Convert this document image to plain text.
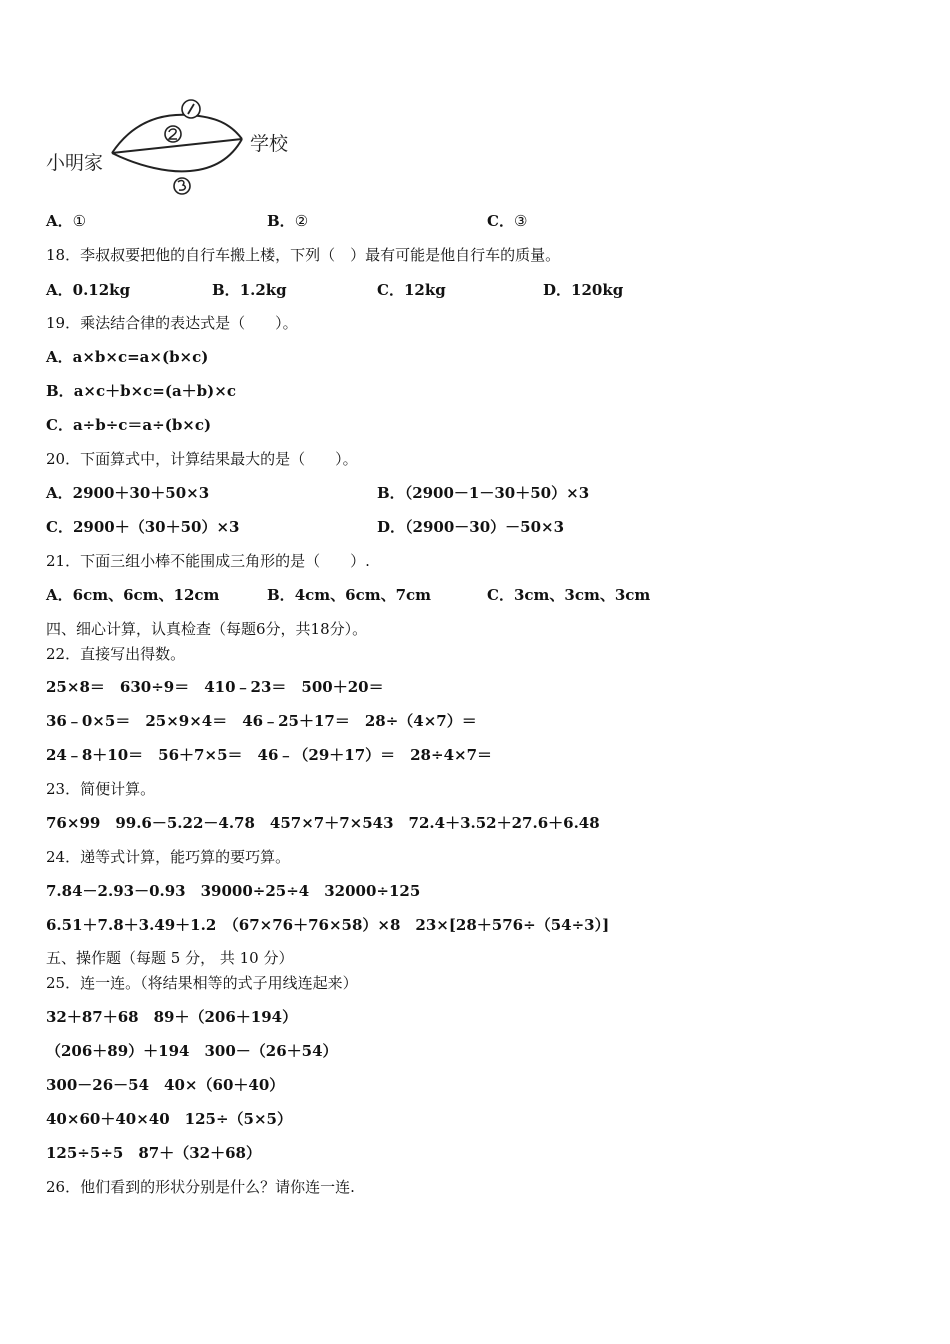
小明家
学校
A．①	B．②	C．③
18．李叔叔要把他的自行车搬上楼，下列（　）最有可能是他自行车的质量。
A．0.12kg	B．1.2kg	C．12kg	D．120kg
19．乘法结合律的表达式是（　　）。
A．a×b×c=a×(b×c)
B．a×c＋b×c=(a＋b)×c
C．a÷b÷c＝a÷(b×c)
20．下面算式中，计算结果最大的是（　　）。
A．2900＋30＋50×3	B．（2900－1－30＋50）×3
C．2900＋（30＋50）×3	D．（2900－30）－50×3
21．下面三组小棒不能围成三角形的是（　　）.
A．6cm、6cm、12cm	B．4cm、6cm、7cm	C．3cm、3cm、3cm
四、细心计算，认真检查（每题6分，共18分）。
22．直接写出得数。
25×8＝　630÷9＝　410﹣23＝　500＋20＝
36﹣0×5＝　25×9×4＝　46﹣25＋17＝　28÷（4×7）＝
24﹣8＋10＝　56＋7×5＝　46﹣（29＋17）＝　28÷4×7＝
23．简便计算。
76×99　99.6－5.22－4.78　457×7＋7×543　72.4＋3.52＋27.6＋6.48
24．递等式计算，能巧算的要巧算。
7.84－2.93－0.93　39000÷25÷4　32000÷125
6.51＋7.8＋3.49＋1.2　（67×76＋76×58）×8　23×[28＋576÷（54÷3）]
五、操作题（每题 5 分， 共 10 分）
25．连一连。（将结果相等的式子用线连起来）
32＋87＋68　89＋（206＋194）
（206＋89）＋194　300－（26＋54）
300－26－54　40×（60＋40）
40×60＋40×40　125÷（5×5）
125÷5÷5　87＋（32＋68）
26．他们看到的形状分别是什么？请你连一连.
